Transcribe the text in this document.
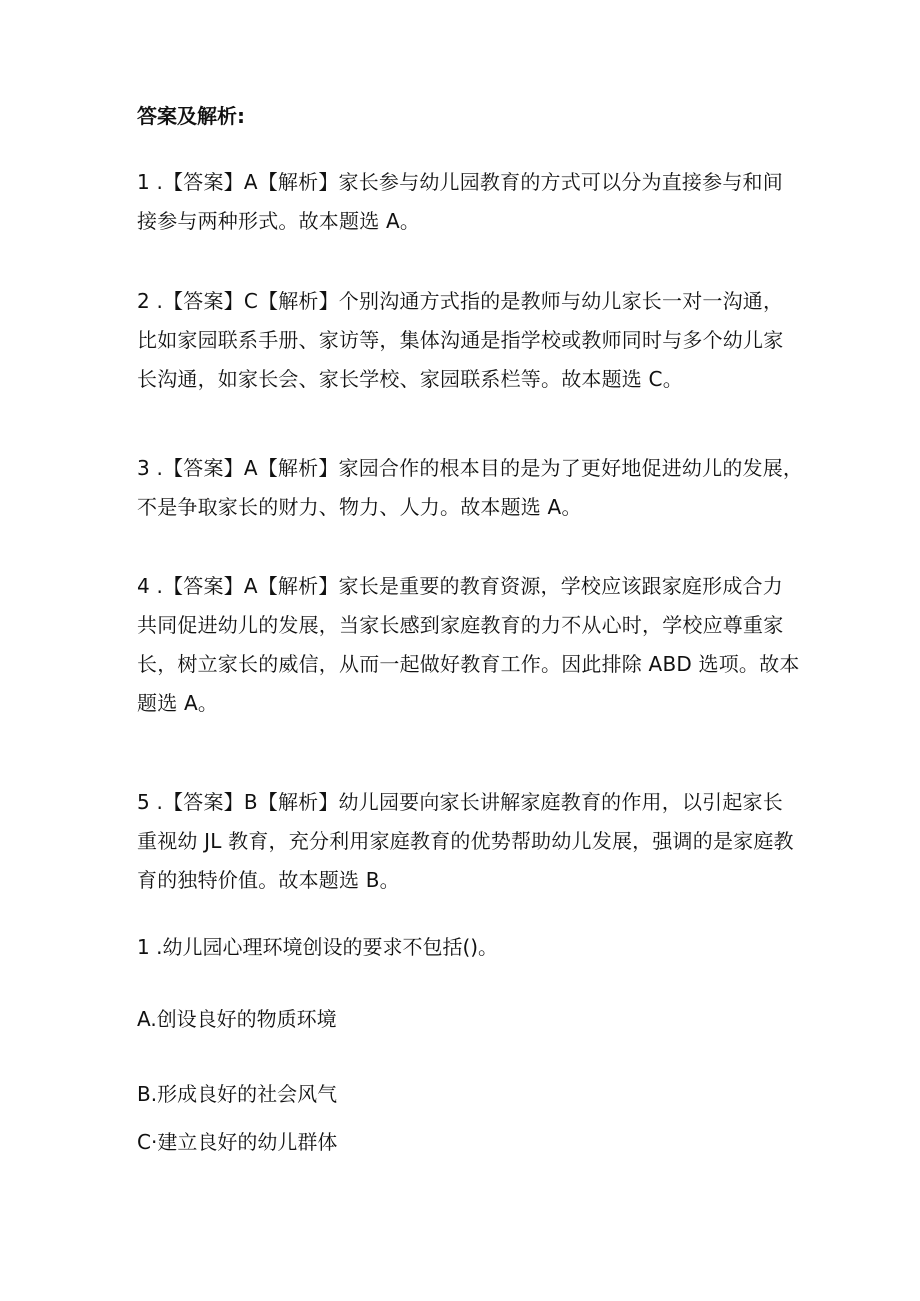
答案及解析:
1 .【答案】A【解析】家长参与幼儿园教育的方式可以分为直接参与和间
接参与两种形式。故本题选 A。
2 .【答案】C【解析】个别沟通方式指的是教师与幼儿家长一对一沟通，
比如家园联系手册、家访等，集体沟通是指学校或教师同时与多个幼儿家
长沟通，如家长会、家长学校、家园联系栏等。故本题选 C。
3 .【答案】A【解析】家园合作的根本目的是为了更好地促进幼儿的发展，
不是争取家长的财力、物力、人力。故本题选 A。
4 .【答案】A【解析】家长是重要的教育资源，学校应该跟家庭形成合力
共同促进幼儿的发展，当家长感到家庭教育的力不从心时，学校应尊重家
长，树立家长的威信，从而一起做好教育工作。因此排除 ABD 选项。故本
题选 A。
5 .【答案】B【解析】幼儿园要向家长讲解家庭教育的作用，以引起家长
重视幼 JL 教育，充分利用家庭教育的优势帮助幼儿发展，强调的是家庭教
育的独特价值。故本题选 B。
1 .幼儿园心理环境创设的要求不包括()。
A.创设良好的物质环境
B.形成良好的社会风气
C·建立良好的幼儿群体
